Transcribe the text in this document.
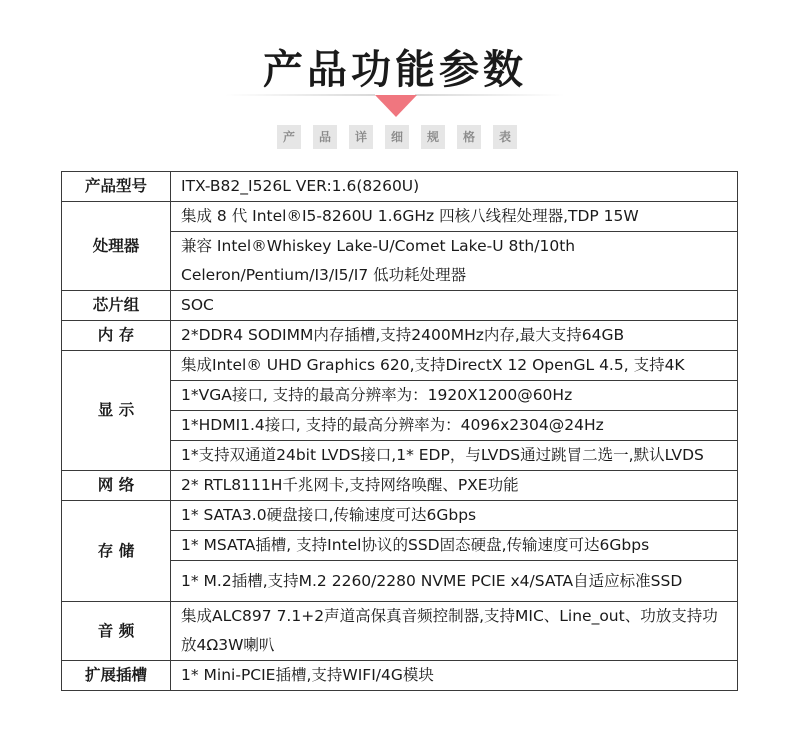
产品功能参数
产	品	详	细	规	格	表
产品型号	ITX-B82_I526L VER:1.6(8260U)
处理器	集成 8 代 Intel®I5-8260U 1.6GHz 四核八线程处理器,TDP 15W
	兼容 Intel®Whiskey Lake-U/Comet Lake-U 8th/10th Celeron/Pentium/I3/I5/I7 低功耗处理器
芯片组	SOC
内 存	2*DDR4 SODIMM内存插槽,支持2400MHz内存,最大支持64GB
显 示	集成Intel® UHD Graphics 620,支持DirectX 12 OpenGL 4.5, 支持4K
	1*VGA接口, 支持的最高分辨率为：1920X1200@60Hz
	1*HDMI1.4接口, 支持的最高分辨率为：4096x2304@24Hz
	1*支持双通道24bit LVDS接口,1* EDP，与LVDS通过跳冒二选一,默认LVDS
网 络	2* RTL8111H千兆网卡,支持网络唤醒、PXE功能
存 储	1* SATA3.0硬盘接口,传输速度可达6Gbps
	1* MSATA插槽, 支持Intel协议的SSD固态硬盘,传输速度可达6Gbps
	1* M.2插槽,支持M.2 2260/2280 NVME PCIE x4/SATA自适应标准SSD
音 频	集成ALC897 7.1+2声道高保真音频控制器,支持MIC、Line_out、功放支持功放4Ω3W喇叭
扩展插槽	1* Mini-PCIE插槽,支持WIFI/4G模块
